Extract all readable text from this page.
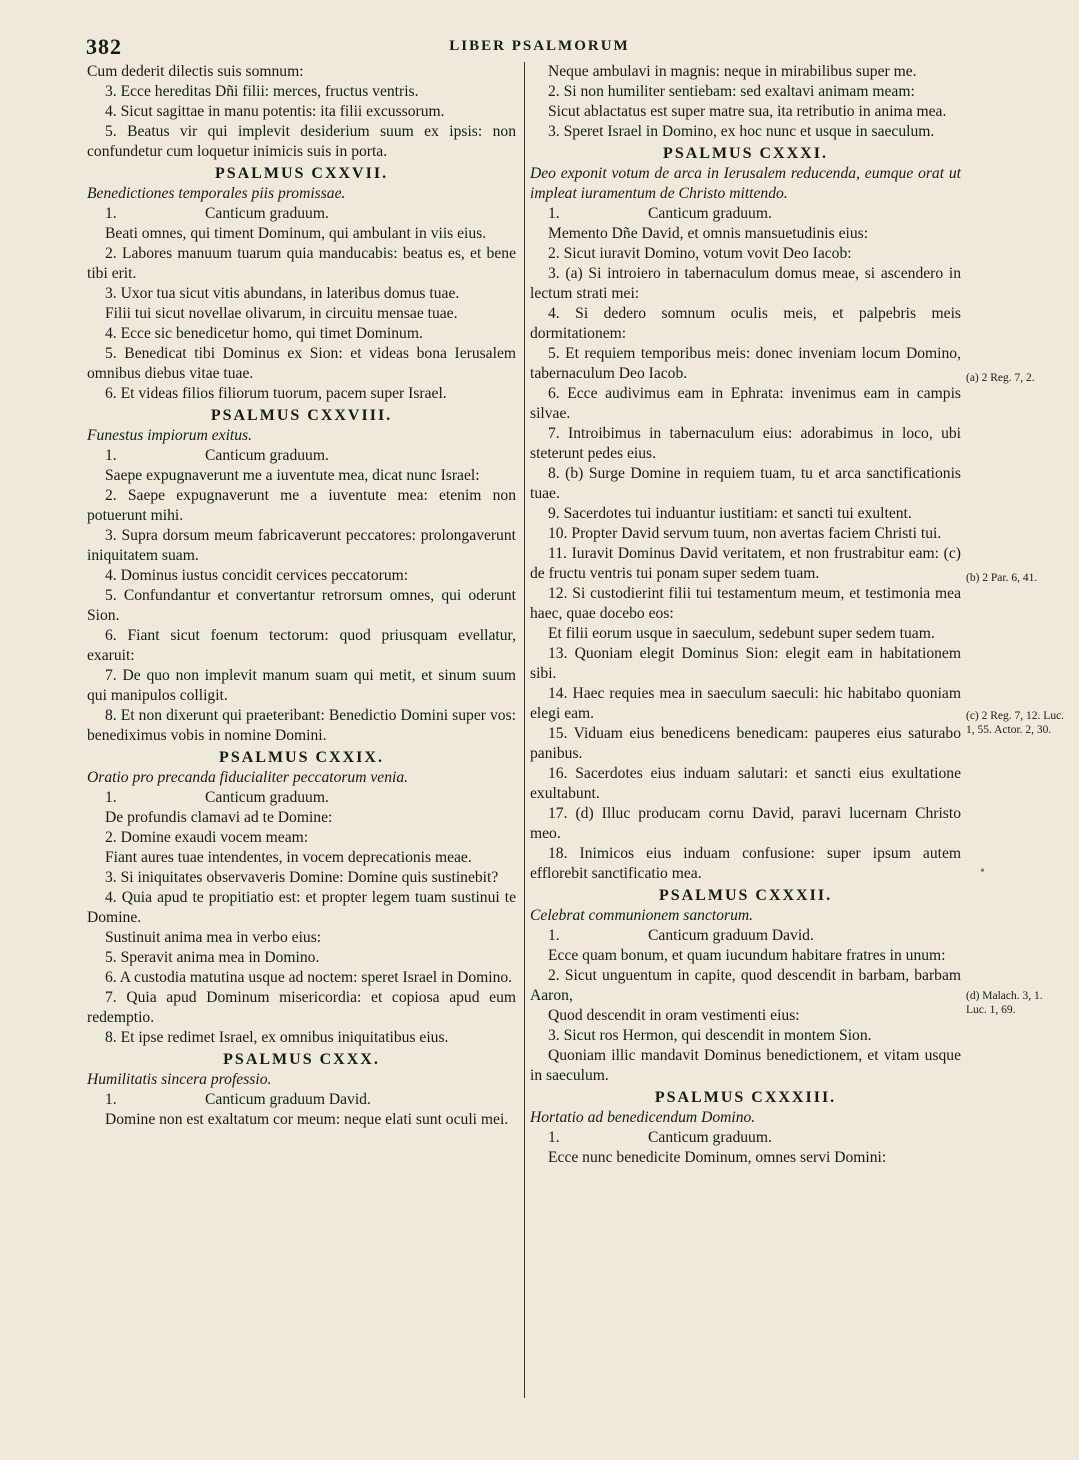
382	LIBER PSALMORUM

Cum dederit dilectis suis somnum:

3. Ecce hereditas Dñi filii: merces, fructus ventris.

4. Sicut sagittae in manu potentis: ita filii excussorum.

5. Beatus vir qui implevit desiderium suum ex ipsis: non confundetur cum loquetur inimicis suis in porta.

PSALMUS CXXVII.

Benedictiones temporales piis promissae.

1.	Canticum graduum.

Beati omnes, qui timent Dominum, qui ambulant in viis eius.

2. Labores manuum tuarum quia manducabis: beatus es, et bene tibi erit.

3. Uxor tua sicut vitis abundans, in lateribus domus tuae.

Filii tui sicut novellae olivarum, in circuitu mensae tuae.

4. Ecce sic benedicetur homo, qui timet Dominum.

5. Benedicat tibi Dominus ex Sion: et videas bona Ierusalem omnibus diebus vitae tuae.

6. Et videas filios filiorum tuorum, pacem super Israel.

PSALMUS CXXVIII.

Funestus impiorum exitus.

1.	Canticum graduum.

Saepe expugnaverunt me a iuventute mea, dicat nunc Israel:

2. Saepe expugnaverunt me a iuventute mea: etenim non potuerunt mihi.

3. Supra dorsum meum fabricaverunt peccatores: prolongaverunt iniquitatem suam.

4. Dominus iustus concidit cervices peccatorum:

5. Confundantur et convertantur retrorsum omnes, qui oderunt Sion.

6. Fiant sicut foenum tectorum: quod priusquam evellatur, exaruit:

7. De quo non implevit manum suam qui metit, et sinum suum qui manipulos colligit.

8. Et non dixerunt qui praeteribant: Benedictio Domini super vos: benediximus vobis in nomine Domini.

PSALMUS CXXIX.

Oratio pro precanda fiducialiter peccatorum venia.

1.	Canticum graduum.

De profundis clamavi ad te Domine:

2. Domine exaudi vocem meam:

Fiant aures tuae intendentes, in vocem deprecationis meae.

3. Si iniquitates observaveris Domine: Domine quis sustinebit?

4. Quia apud te propitiatio est: et propter legem tuam sustinui te Domine.

Sustinuit anima mea in verbo eius:

5. Speravit anima mea in Domino.

6. A custodia matutina usque ad noctem: speret Israel in Domino.

7. Quia apud Dominum misericordia: et copiosa apud eum redemptio.

8. Et ipse redimet Israel, ex omnibus iniquitatibus eius.

PSALMUS CXXX.

Humilitatis sincera professio.

1.	Canticum graduum David.

Domine non est exaltatum cor meum: neque elati sunt oculi mei.

Neque ambulavi in magnis: neque in mirabilibus super me.

2. Si non humiliter sentiebam: sed exaltavi animam meam:

Sicut ablactatus est super matre sua, ita retributio in anima mea.

3. Speret Israel in Domino, ex hoc nunc et usque in saeculum.

PSALMUS CXXXI.

Deo exponit votum de arca in Ierusalem reducenda, eumque orat ut impleat iuramentum de Christo mittendo.

1.	Canticum graduum.

Memento Dñe David, et omnis mansuetudinis eius:

2. Sicut iuravit Domino, votum vovit Deo Iacob:

3. (a) Si introiero in tabernaculum domus meae, si ascendero in lectum strati mei:

4. Si dedero somnum oculis meis, et palpebris meis dormitationem:

5. Et requiem temporibus meis: donec inveniam locum Domino, tabernaculum Deo Iacob.

6. Ecce audivimus eam in Ephrata: invenimus eam in campis silvae.

7. Introibimus in tabernaculum eius: adorabimus in loco, ubi steterunt pedes eius.

8. (b) Surge Domine in requiem tuam, tu et arca sanctificationis tuae.

9. Sacerdotes tui induantur iustitiam: et sancti tui exultent.

10. Propter David servum tuum, non avertas faciem Christi tui.

11. Iuravit Dominus David veritatem, et non frustrabitur eam: (c) de fructu ventris tui ponam super sedem tuam.

12. Si custodierint filii tui testamentum meum, et testimonia mea haec, quae docebo eos:

Et filii eorum usque in saeculum, sedebunt super sedem tuam.

13. Quoniam elegit Dominus Sion: elegit eam in habitationem sibi.

14. Haec requies mea in saeculum saeculi: hic habitabo quoniam elegi eam.

15. Viduam eius benedicens benedicam: pauperes eius saturabo panibus.

16. Sacerdotes eius induam salutari: et sancti eius exultatione exultabunt.

17. (d) Illuc producam cornu David, paravi lucernam Christo meo.

18. Inimicos eius induam confusione: super ipsum autem efflorebit sanctificatio mea.

PSALMUS CXXXII.

Celebrat communionem sanctorum.

1.	Canticum graduum David.

Ecce quam bonum, et quam iucundum habitare fratres in unum:

2. Sicut unguentum in capite, quod descendit in barbam, barbam Aaron,

Quod descendit in oram vestimenti eius:

3. Sicut ros Hermon, qui descendit in montem Sion.

Quoniam illic mandavit Dominus benedictionem, et vitam usque in saeculum.

PSALMUS CXXXIII.

Hortatio ad benedicendum Domino.

1.	Canticum graduum.

Ecce nunc benedicite Dominum, omnes servi Domini:

(a) 2 Reg. 7, 2.
(b) 2 Par. 6, 41.
(c) 2 Reg. 7, 12. Luc. 1, 55. Actor. 2, 30.
(d) Malach. 3, 1. Luc. 1, 69.
•
